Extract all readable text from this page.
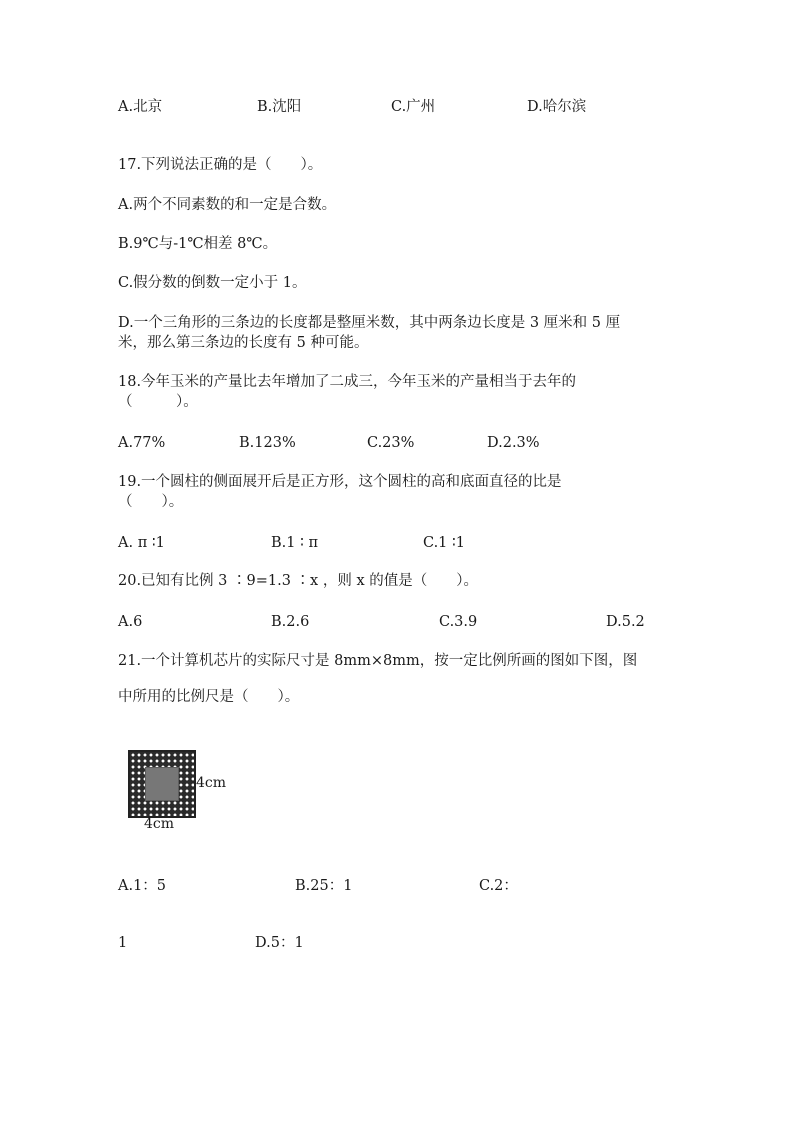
A.北京	B.沈阳	C.广州	D.哈尔滨
17.下列说法正确的是（　　）。
A.两个不同素数的和一定是合数。
B.9℃与-1℃相差 8℃。
C.假分数的倒数一定小于 1。
D.一个三角形的三条边的长度都是整厘米数，其中两条边长度是 3 厘米和 5 厘
米，那么第三条边的长度有 5 种可能。
18.今年玉米的产量比去年增加了二成三，今年玉米的产量相当于去年的
（　　　）。
A.77%	B.123%	C.23%	D.2.3%
19.一个圆柱的侧面展开后是正方形，这个圆柱的高和底面直径的比是
（　　）。
A. π ∶1	B.1 ∶ π	C.1 ∶1
20.已知有比例 3 ∶9=1.3 ∶x ，则 x 的值是（　　）。
A.6	B.2.6	C.3.9	D.5.2
21.一个计算机芯片的实际尺寸是 8mm×8mm，按一定比例所画的图如下图，图
中所用的比例尺是（　　）。
4cm
4cm
A.1：5	B.25：1	C.2：
1	D.5：1
